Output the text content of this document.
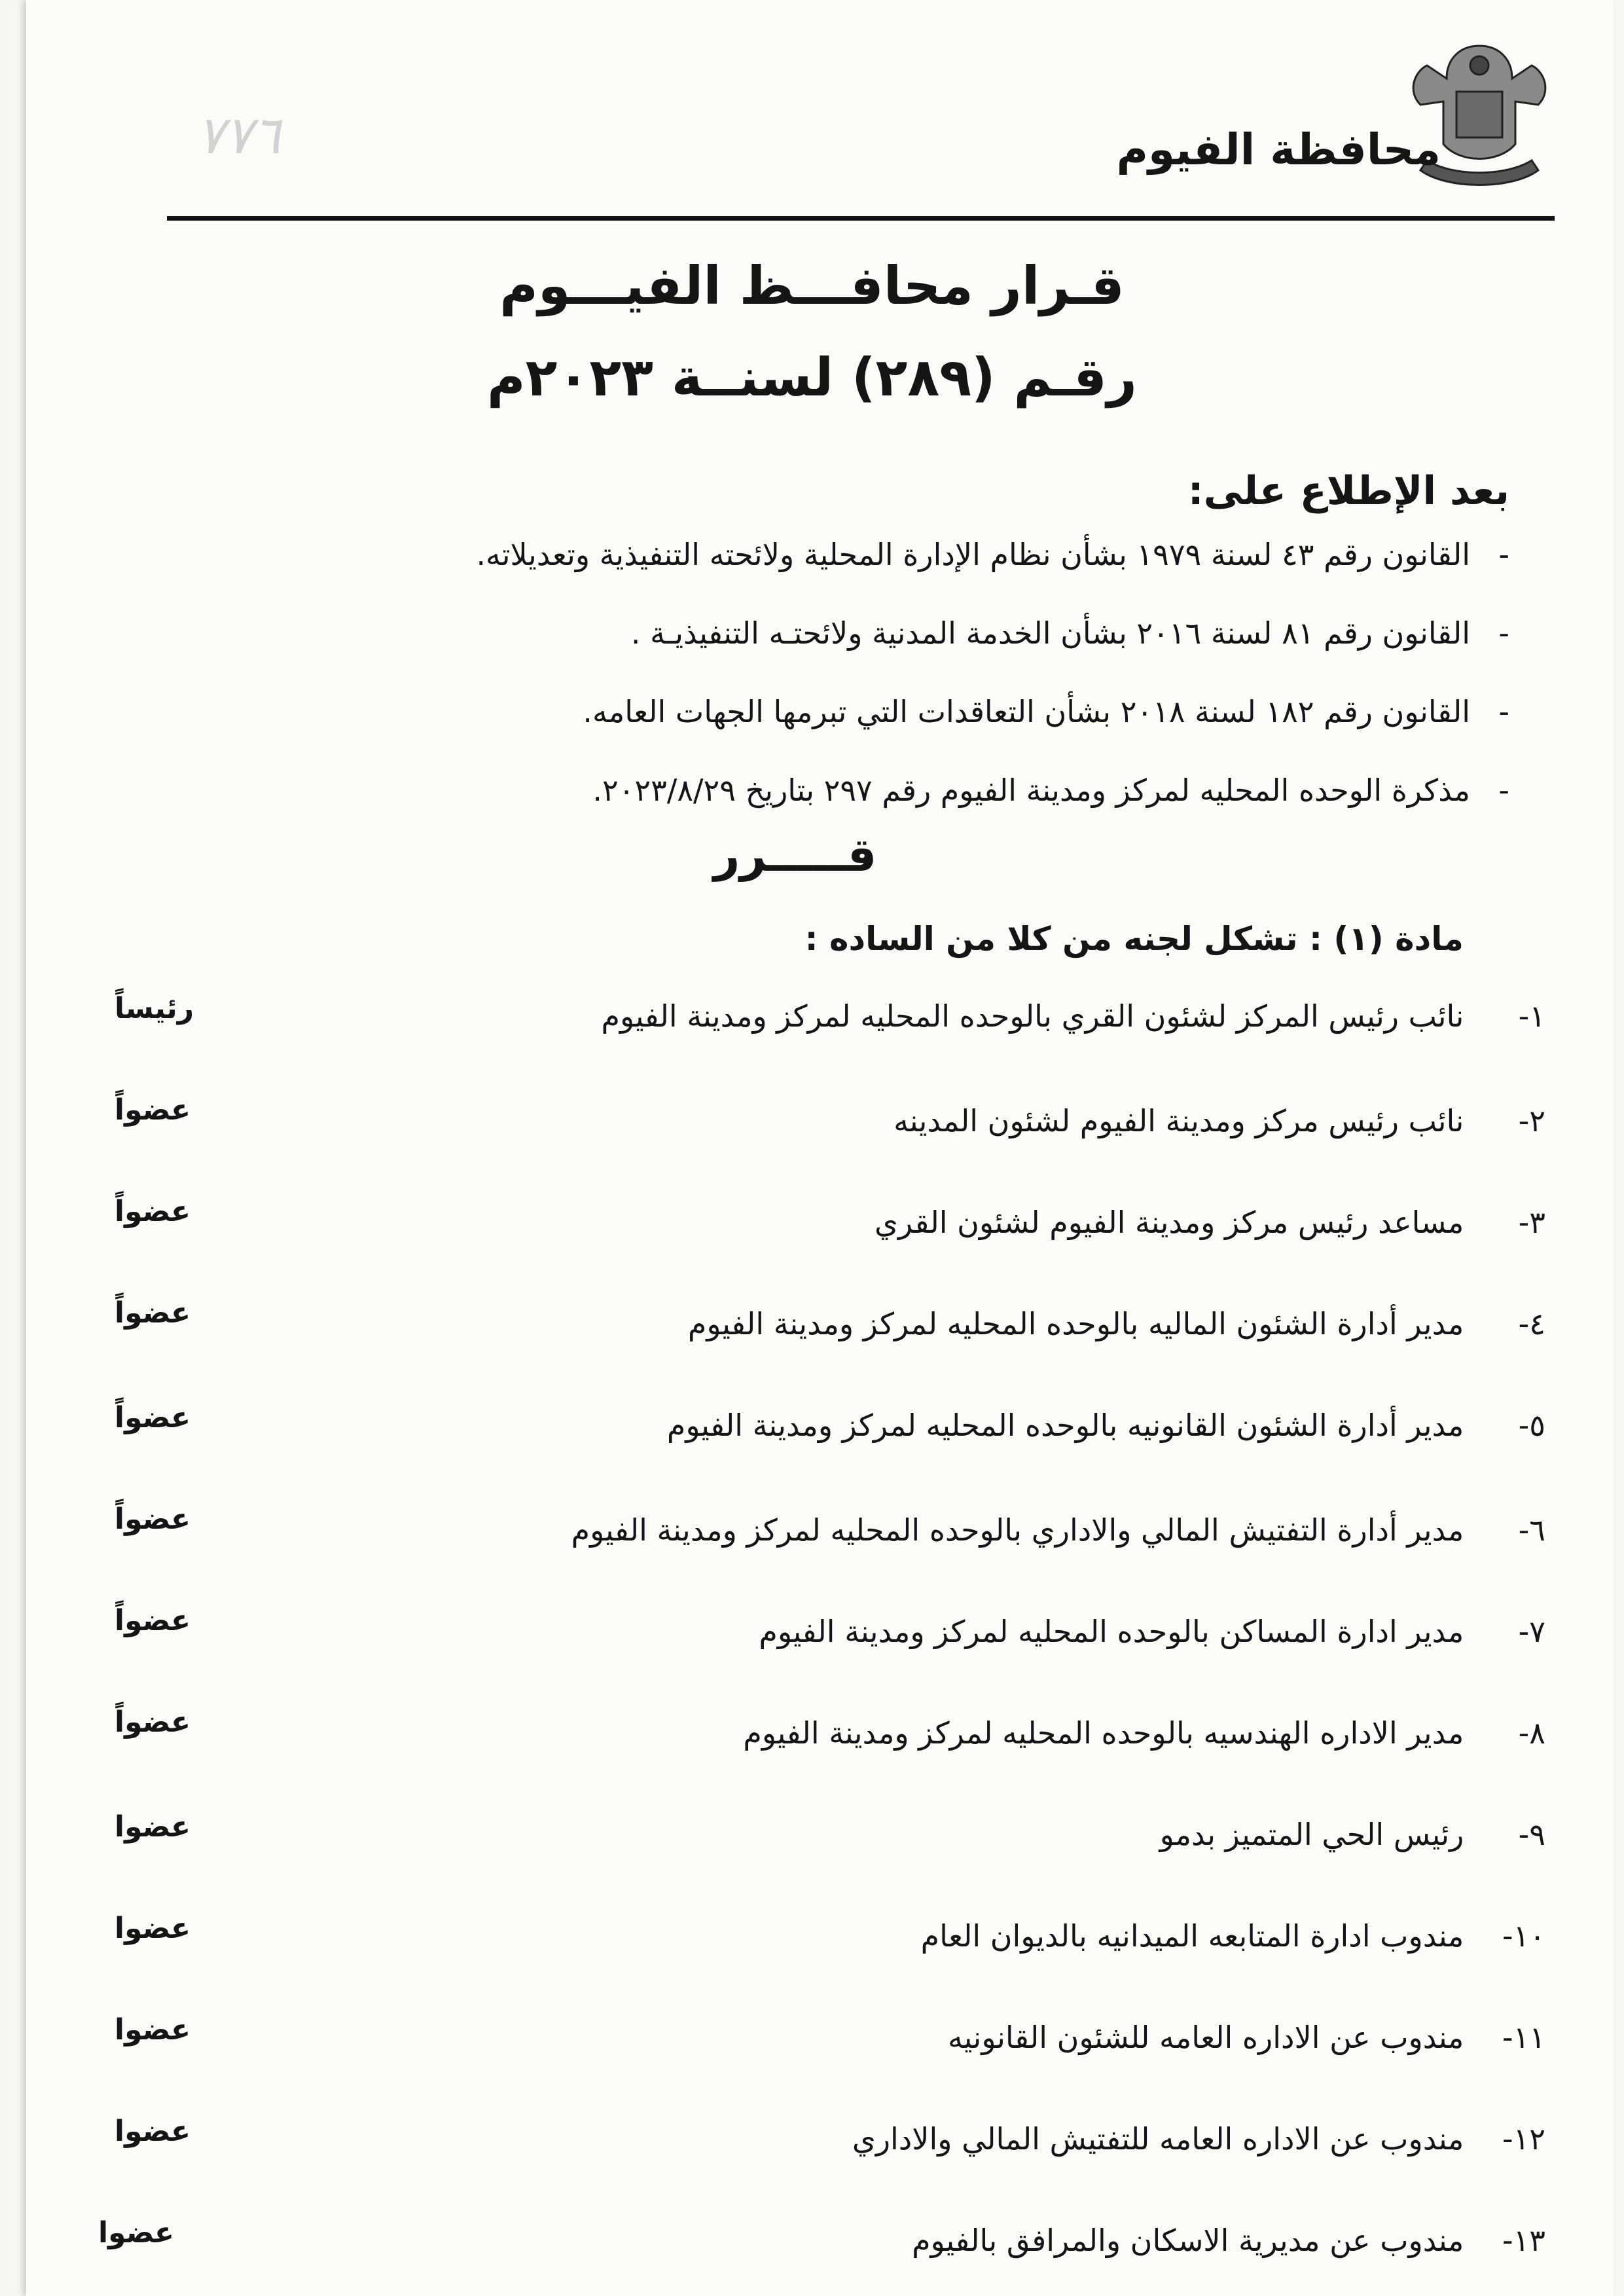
٧٧٦	محافظة الفيوم
قـرار محافـــظ الفيـــوم
رقـم (٢٨٩) لسنــة ٢٠٢٣م
بعد الإطلاع على:
-القانون رقم ٤٣ لسنة ١٩٧٩ بشأن نظام الإدارة المحلية ولائحته التنفيذية وتعديلاته.
-القانون رقم ٨١ لسنة ٢٠١٦ بشأن الخدمة المدنية ولائحتـه التنفيذيـة .
-القانون رقم ١٨٢ لسنة ٢٠١٨ بشأن التعاقدات التي تبرمها الجهات العامه.
-مذكرة الوحده المحليه لمركز ومدينة الفيوم رقم ٢٩٧ بتاريخ ٢٠٢٣/٨/٢٩.
قـــــرر
مادة (١) : تشكل لجنه من كلا من الساده :
١- نائب رئيس المركز لشئون القري بالوحده المحليه لمركز ومدينة الفيوم
رئيساً
٢- نائب رئيس مركز ومدينة الفيوم لشئون المدينه
عضواً
٣- مساعد رئيس مركز ومدينة الفيوم لشئون القري
عضواً
٤- مدير أدارة الشئون الماليه بالوحده المحليه لمركز ومدينة الفيوم
عضواً
٥- مدير أدارة الشئون القانونيه بالوحده المحليه لمركز ومدينة الفيوم
عضواً
٦- مدير أدارة التفتيش المالي والاداري بالوحده المحليه لمركز ومدينة الفيوم
عضواً
٧- مدير ادارة المساكن بالوحده المحليه لمركز ومدينة الفيوم
عضواً
٨- مدير الاداره الهندسيه بالوحده المحليه لمركز ومدينة الفيوم
عضواً
٩- رئيس الحي المتميز بدمو
عضوا
١٠- مندوب ادارة المتابعه الميدانيه بالديوان العام
عضوا
١١- مندوب عن الاداره العامه للشئون القانونيه
عضوا
١٢- مندوب عن الاداره العامه للتفتيش المالي والاداري
عضوا
١٣- مندوب عن مديرية الاسكان والمرافق بالفيوم
عضوا
